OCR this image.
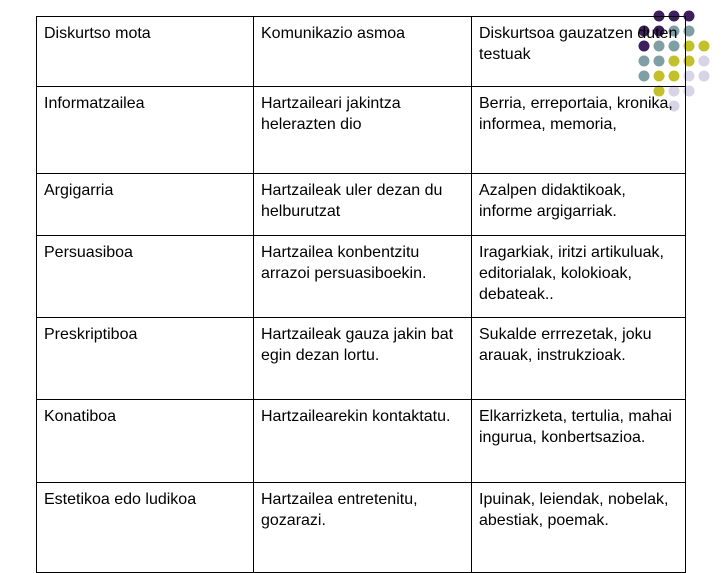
Diskurtso mota	Komunikazio asmoa	Diskurtsoa gauzatzen duten testuak
Informatzailea	Hartzaileari jakintza helerazten dio	Berria, erreportaia, kronika, informea, memoria,
Argigarria	Hartzaileak uler dezan du helburutzat	Azalpen didaktikoak, informe argigarriak.
Persuasiboa	Hartzailea konbentzitu arrazoi persuasiboekin.	Iragarkiak, iritzi artikuluak, editorialak, kolokioak, debateak..
Preskriptiboa	Hartzaileak gauza jakin bat egin dezan lortu.	Sukalde errrezetak, joku arauak, instrukzioak.
Konatiboa	Hartzailearekin kontaktatu.	Elkarrizketa, tertulia, mahai ingurua, konbertsazioa.
Estetikoa edo ludikoa	Hartzailea entretenitu, gozarazi.	Ipuinak, leiendak, nobelak, abestiak, poemak.
